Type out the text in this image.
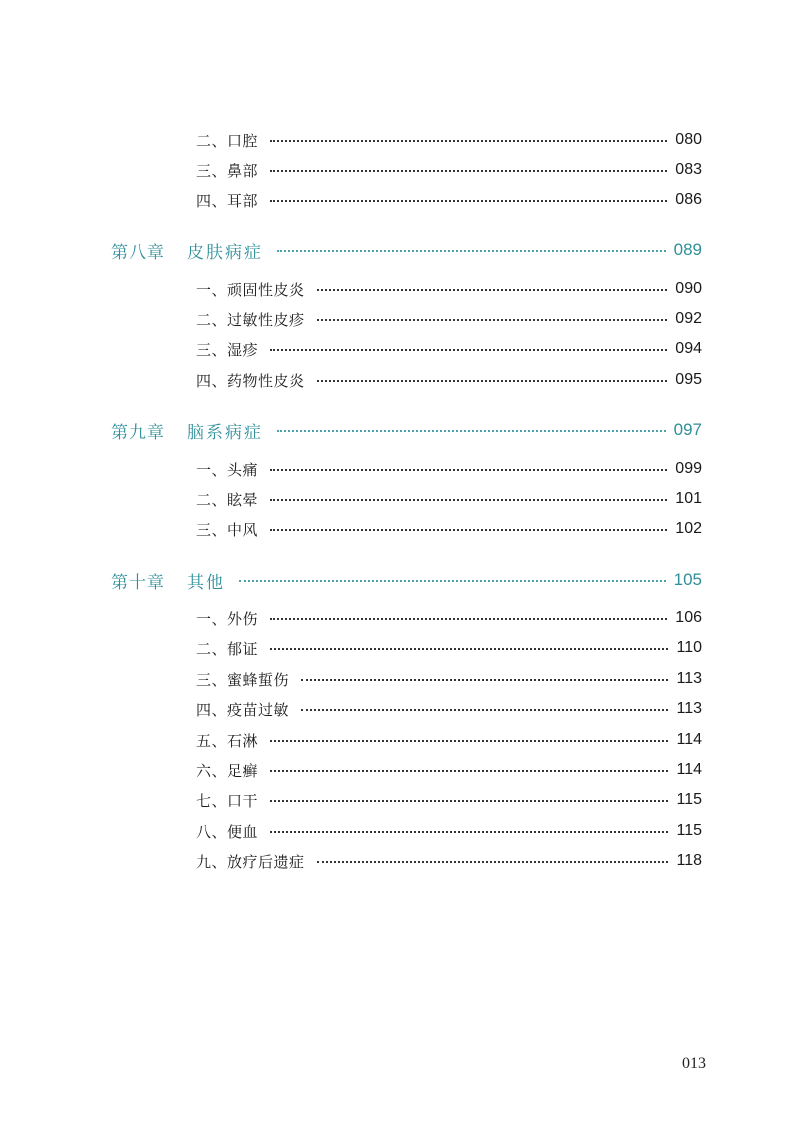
二、口腔	080
三、鼻部	083
四、耳部	086
第八章 皮肤病症	089
一、顽固性皮炎	090
二、过敏性皮疹	092
三、湿疹	094
四、药物性皮炎	095
第九章 脑系病症	097
一、头痛	099
二、眩晕	101
三、中风	102
第十章 其他	105
一、外伤	106
二、郁证	110
三、蜜蜂蜇伤	113
四、疫苗过敏	113
五、石淋	114
六、足癣	114
七、口干	115
八、便血	115
九、放疗后遗症	118
013
